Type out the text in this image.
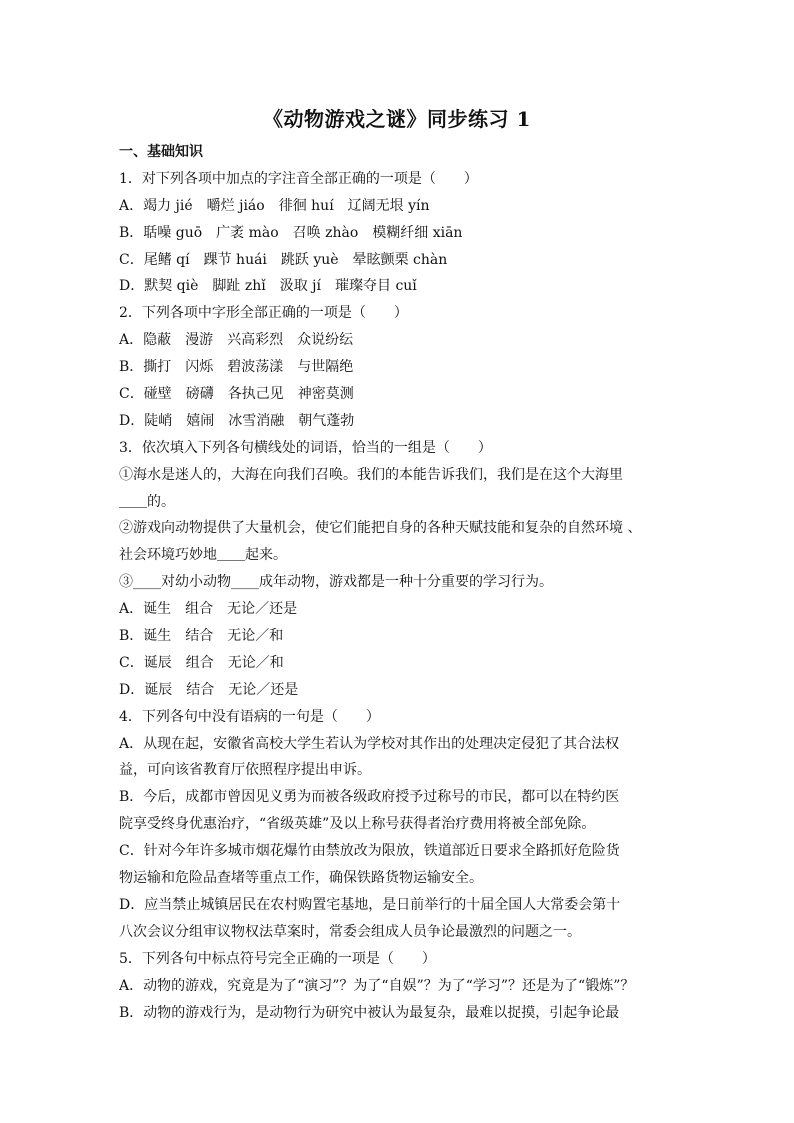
《动物游戏之谜》同步练习 1
一、基础知识
1．对下列各项中加点的字注音全部正确的一项是（　　）
A．竭力 jié　嚼烂 jiáo　徘徊 huí　辽阔无垠 yín
B．聒噪 guō　广袤 mào　召唤 zhào　模糊纤细 xiān
C．尾鳍 qí　踝节 huái　跳跃 yuè　晕眩颤栗 chàn
D．默契 qiè　脚趾 zhǐ　汲取 jí　璀璨夺目 cuǐ
2．下列各项中字形全部正确的一项是（　　）
A．隐蔽　漫游　兴高彩烈　众说纷纭
B．撕打　闪烁　碧波荡漾　与世隔绝
C．碰壁　磅礴　各执己见　神密莫测
D．陡峭　嬉闹　冰雪消融　朝气蓬勃
3．依次填入下列各句横线处的词语，恰当的一组是（　　）
①海水是迷人的，大海在向我们召唤。我们的本能告诉我们，我们是在这个大海里
＿＿的。
②游戏向动物提供了大量机会，使它们能把自身的各种天赋技能和复杂的自然环境 、
社会环境巧妙地＿＿起来。
③____对幼小动物____成年动物，游戏都是一种十分重要的学习行为。
A．诞生　组合　无论／还是
B．诞生　结合　无论／和
C．诞辰　组合　无论／和
D．诞辰　结合　无论／还是
4．下列各句中没有语病的一句是（　　）
A．从现在起，安徽省高校大学生若认为学校对其作出的处理决定侵犯了其合法权
益，可向该省教育厅依照程序提出申诉。
B．今后，成都市曾因见义勇为而被各级政府授予过称号的市民，都可以在特约医
院享受终身优惠治疗，“省级英雄”及以上称号获得者治疗费用将被全部免除。
C．针对今年许多城市烟花爆竹由禁放改为限放，铁道部近日要求全路抓好危险货
物运输和危险品查堵等重点工作，确保铁路货物运输安全。
D．应当禁止城镇居民在农村购置宅基地，是日前举行的十届全国人大常委会第十
八次会议分组审议物权法草案时，常委会组成人员争论最激烈的问题之一。
5．下列各句中标点符号完全正确的一项是（　　）
A．动物的游戏，究竟是为了“演习”？为了“自娱”？为了“学习”？还是为了“锻炼”？
B．动物的游戏行为，是动物行为研究中被认为最复杂，最难以捉摸，引起争论最
